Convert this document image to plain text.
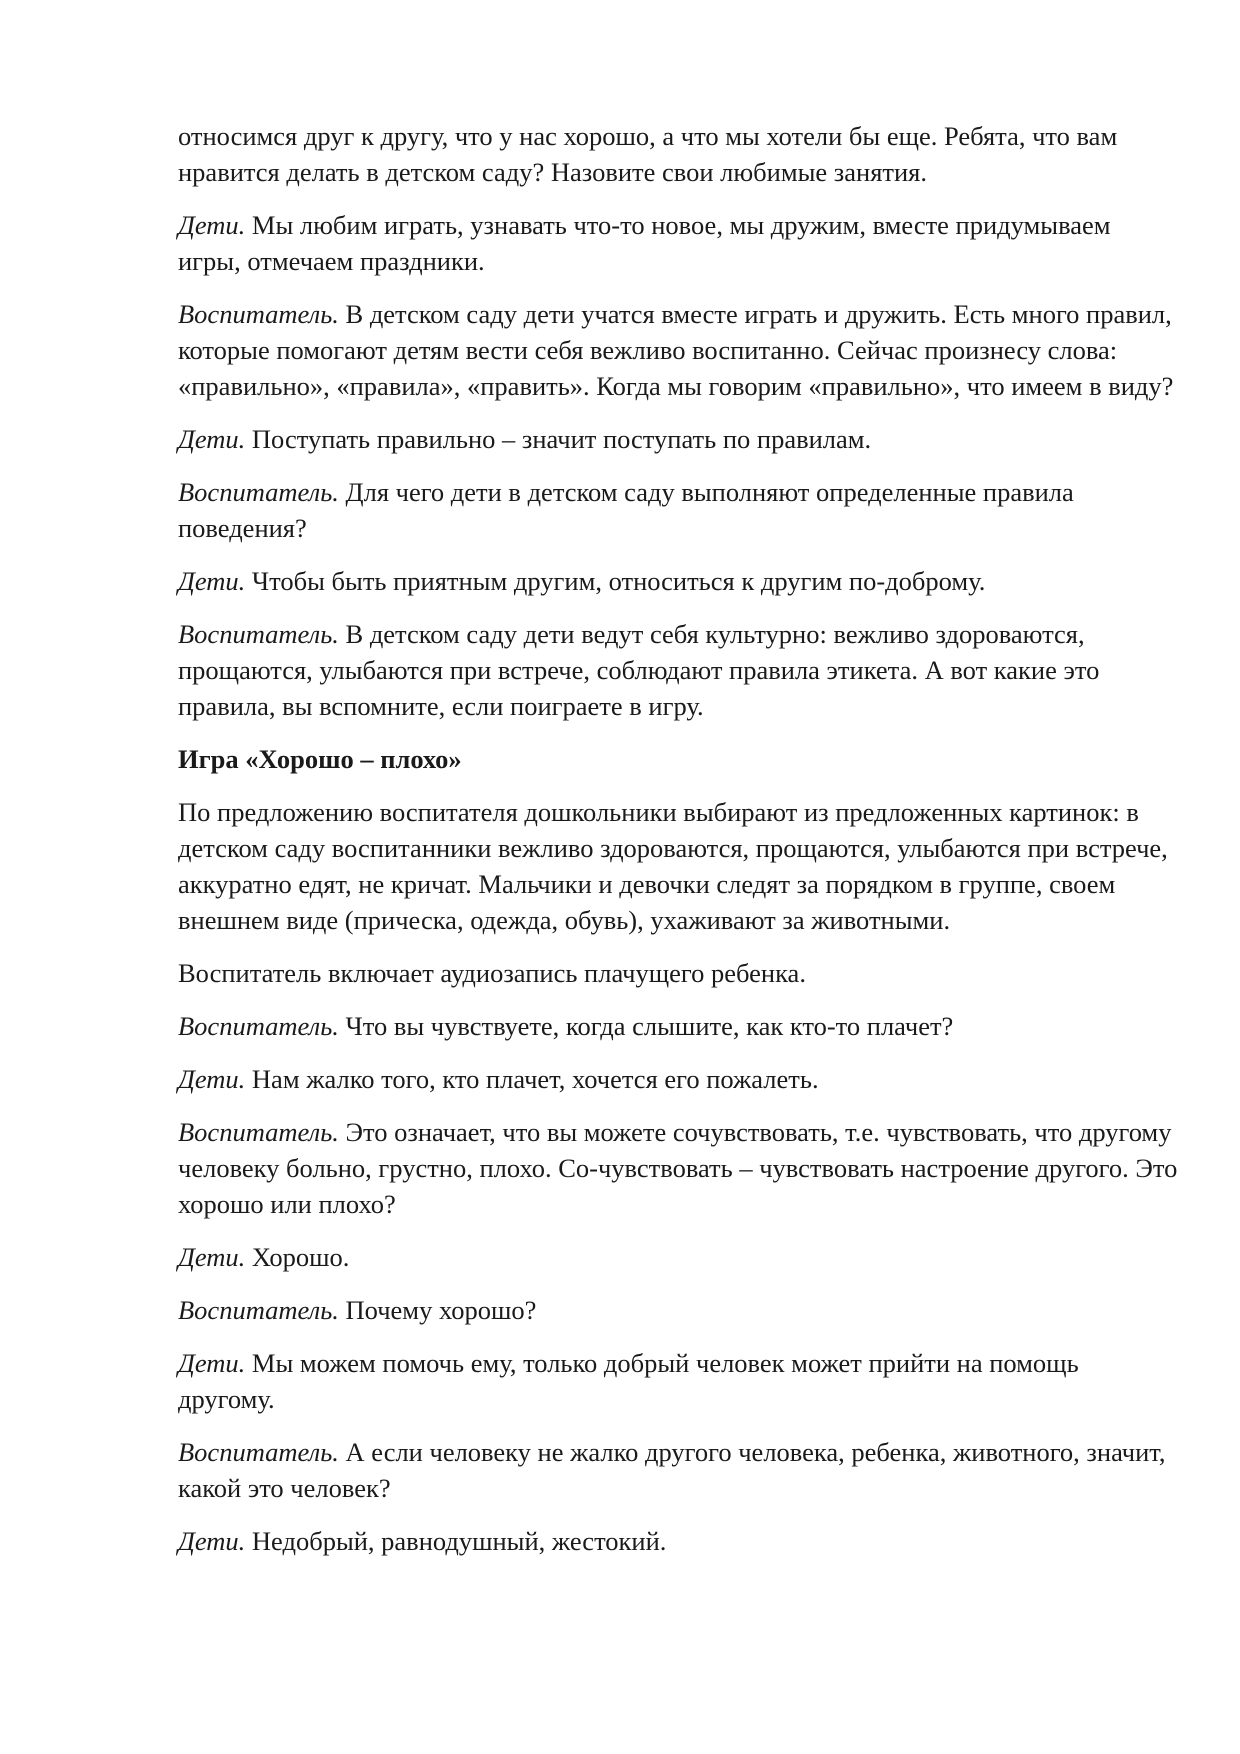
относимся друг к другу, что у нас хорошо, а что мы хотели бы еще. Ребята, что вам нравится делать в детском саду? Назовите свои любимые занятия.

Дети. Мы любим играть, узнавать что-то новое, мы дружим, вместе придумываем игры, отмечаем праздники.

Воспитатель. В детском саду дети учатся вместе играть и дружить. Есть много правил, которые помогают детям вести себя вежливо воспитанно. Сейчас произнесу слова: «правильно», «правила», «править». Когда мы говорим «правильно», что имеем в виду?

Дети. Поступать правильно – значит поступать по правилам.

Воспитатель. Для чего дети в детском саду выполняют определенные правила поведения?

Дети. Чтобы быть приятным другим, относиться к другим по-доброму.

Воспитатель. В детском саду дети ведут себя культурно: вежливо здороваются, прощаются, улыбаются при встрече, соблюдают правила этикета. А вот какие это правила, вы вспомните, если поиграете в игру.

Игра «Хорошо – плохо»

По предложению воспитателя дошкольники выбирают из предложенных картинок: в детском саду воспитанники вежливо здороваются, прощаются, улыбаются при встрече, аккуратно едят, не кричат. Мальчики и девочки следят за порядком в группе, своем внешнем виде (прическа, одежда, обувь), ухаживают за животными.

Воспитатель включает аудиозапись плачущего ребенка.

Воспитатель. Что вы чувствуете, когда слышите, как кто-то плачет?

Дети. Нам жалко того, кто плачет, хочется его пожалеть.

Воспитатель. Это означает, что вы можете сочувствовать, т.е. чувствовать, что другому человеку больно, грустно, плохо. Со-чувствовать – чувствовать настроение другого. Это хорошо или плохо?

Дети. Хорошо.

Воспитатель. Почему хорошо?

Дети. Мы можем помочь ему, только добрый человек может прийти на помощь другому.

Воспитатель. А если человеку не жалко другого человека, ребенка, животного, значит, какой это человек?

Дети. Недобрый, равнодушный, жестокий.
